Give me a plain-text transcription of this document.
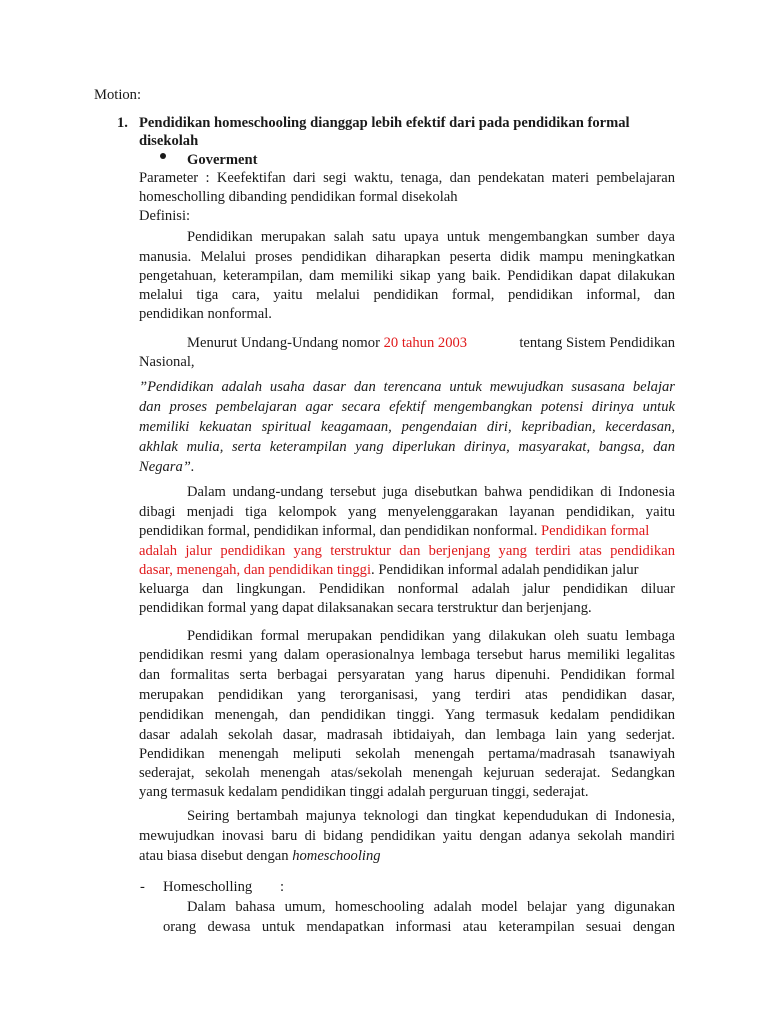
Motion:
1. Pendidikan homeschooling dianggap lebih efektif dari pada pendidikan formal
disekolah
Goverment
Parameter : Keefektifan dari segi waktu, tenaga, dan pendekatan materi pembelajaran
homescholling dibanding pendidikan formal disekolah
Definisi:
Pendidikan merupakan salah satu upaya untuk mengembangkan sumber daya
manusia. Melalui proses pendidikan diharapkan peserta didik mampu meningkatkan
pengetahuan, keterampilan, dam memiliki sikap yang baik. Pendidikan dapat dilakukan
melalui tiga cara, yaitu melalui pendidikan formal, pendidikan informal, dan
pendidikan nonformal.
Menurut Undang-Undang nomor 20 tahun 2003	tentang Sistem Pendidikan
Nasional,
”Pendidikan adalah usaha dasar dan terencana untuk mewujudkan susasana belajar
dan proses pembelajaran agar secara efektif mengembangkan potensi dirinya untuk
memiliki kekuatan spiritual keagamaan, pengendaian diri, kepribadian, kecerdasan,
akhlak mulia, serta keterampilan yang diperlukan dirinya, masyarakat, bangsa, dan
Negara”.
Dalam undang-undang tersebut juga disebutkan bahwa pendidikan di Indonesia
dibagi menjadi tiga kelompok yang menyelenggarakan layanan pendidikan, yaitu
pendidikan formal, pendidikan informal, dan pendidikan nonformal. Pendidikan formal
adalah jalur pendidikan yang terstruktur dan berjenjang yang terdiri atas pendidikan
dasar, menengah, dan pendidikan tinggi. Pendidikan informal adalah pendidikan jalur
keluarga dan lingkungan. Pendidikan nonformal adalah jalur pendidikan diluar
pendidikan formal yang dapat dilaksanakan secara terstruktur dan berjenjang.
Pendidikan formal merupakan pendidikan yang dilakukan oleh suatu lembaga
pendidikan resmi yang dalam operasionalnya lembaga tersebut harus memiliki legalitas
dan formalitas serta berbagai persyaratan yang harus dipenuhi. Pendidikan formal
merupakan pendidikan yang terorganisasi, yang terdiri atas pendidikan dasar,
pendidikan menengah, dan pendidikan tinggi. Yang termasuk kedalam pendidikan
dasar adalah sekolah dasar, madrasah ibtidaiyah, dan lembaga lain yang sederjat.
Pendidikan menengah meliputi sekolah menengah pertama/madrasah tsanawiyah
sederajat, sekolah menengah atas/sekolah menengah kejuruan sederajat. Sedangkan
yang termasuk kedalam pendidikan tinggi adalah perguruan tinggi, sederajat.
Seiring bertambah majunya teknologi dan tingkat kependudukan di Indonesia,
mewujudkan inovasi baru di bidang pendidikan yaitu dengan adanya sekolah mandiri
atau biasa disebut dengan homeschooling
- Homescholling :
Dalam bahasa umum, homeschooling adalah model belajar yang digunakan
orang dewasa untuk mendapatkan informasi atau keterampilan sesuai dengan
